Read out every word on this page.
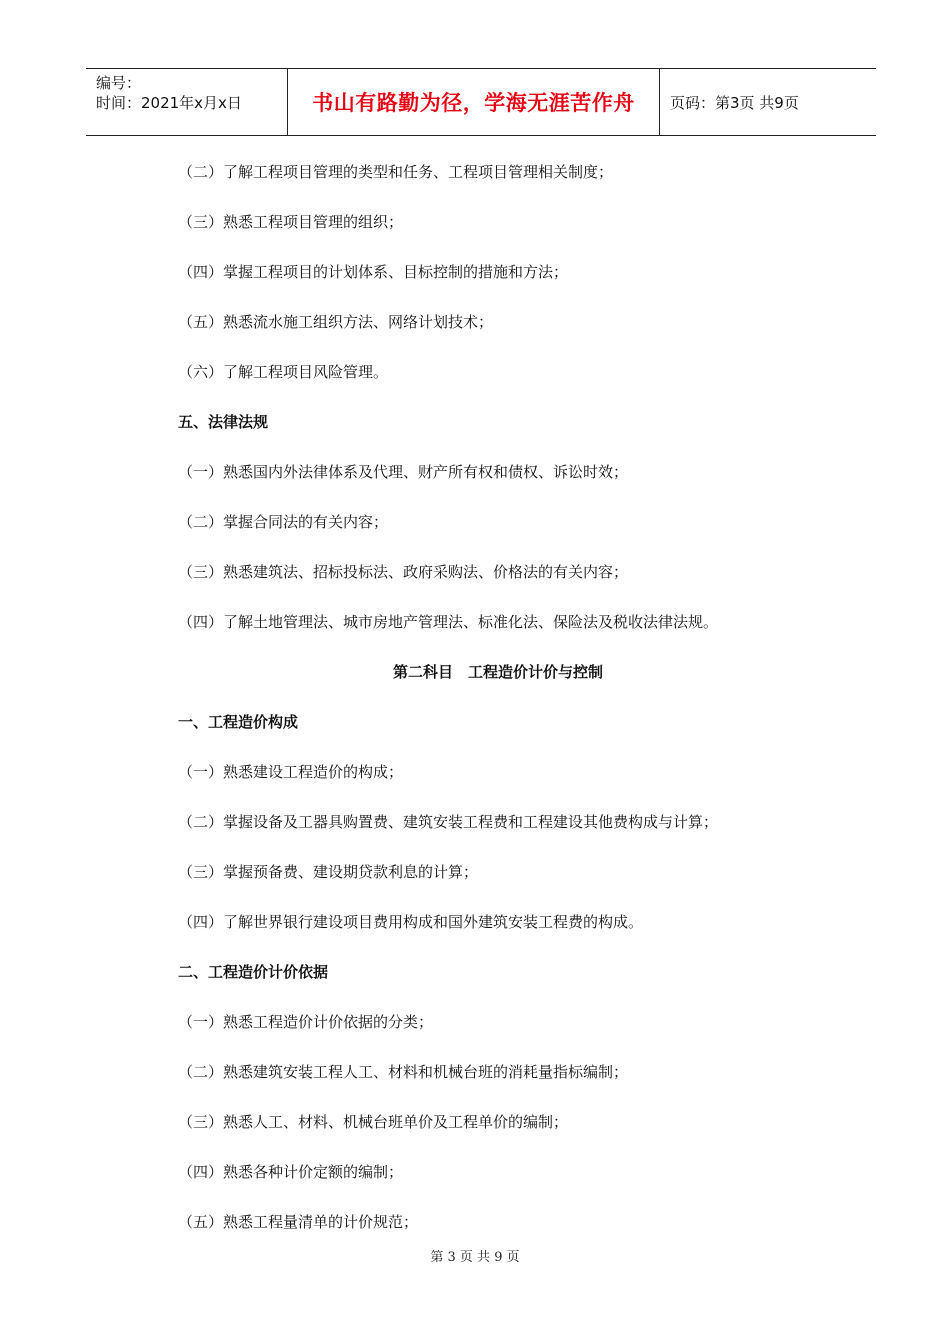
编号：
时间：2021年x月x日	书山有路勤为径，学海无涯苦作舟	页码：第3页 共9页
（二）了解工程项目管理的类型和任务、工程项目管理相关制度；
（三）熟悉工程项目管理的组织；
（四）掌握工程项目的计划体系、目标控制的措施和方法；
（五）熟悉流水施工组织方法、网络计划技术；
（六）了解工程项目风险管理。
五、法律法规
（一）熟悉国内外法律体系及代理、财产所有权和债权、诉讼时效；
（二）掌握合同法的有关内容；
（三）熟悉建筑法、招标投标法、政府采购法、价格法的有关内容；
（四）了解土地管理法、城市房地产管理法、标准化法、保险法及税收法律法规。
第二科目　工程造价计价与控制
一、工程造价构成
（一）熟悉建设工程造价的构成；
（二）掌握设备及工器具购置费、建筑安装工程费和工程建设其他费构成与计算；
（三）掌握预备费、建设期贷款利息的计算；
（四）了解世界银行建设项目费用构成和国外建筑安装工程费的构成。
二、工程造价计价依据
（一）熟悉工程造价计价依据的分类；
（二）熟悉建筑安装工程人工、材料和机械台班的消耗量指标编制；
（三）熟悉人工、材料、机械台班单价及工程单价的编制；
（四）熟悉各种计价定额的编制；
（五）熟悉工程量清单的计价规范；
第 3 页 共 9 页
